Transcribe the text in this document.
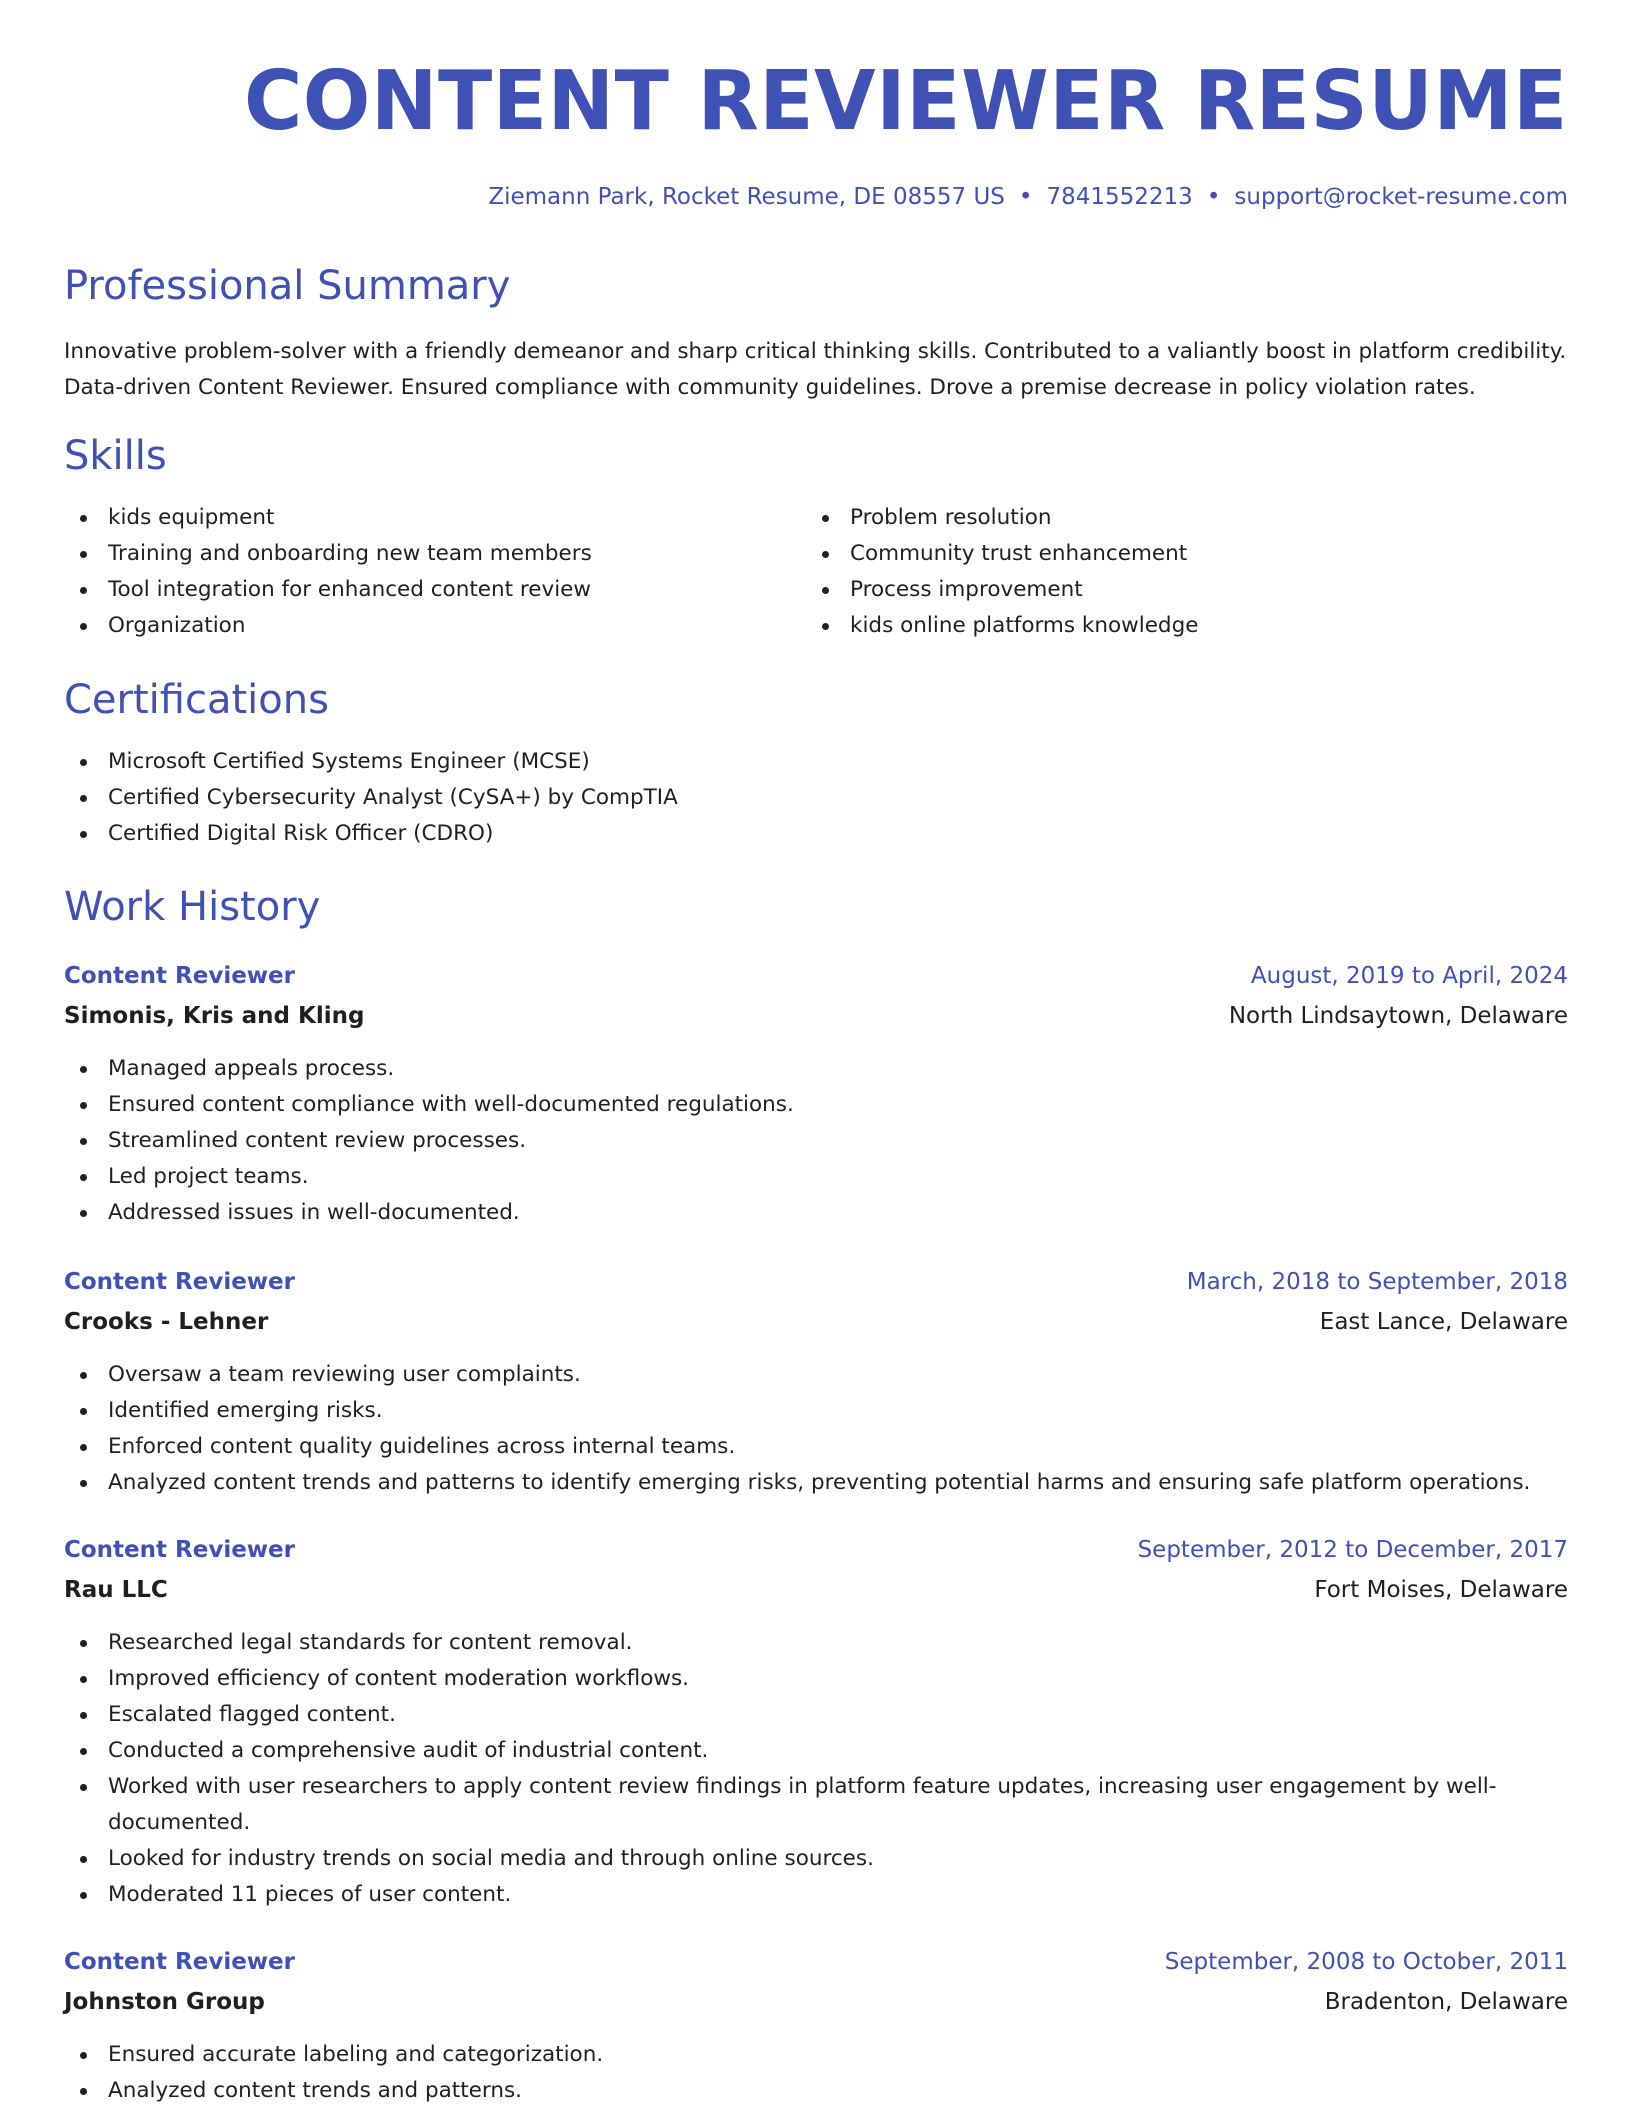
CONTENT REVIEWER RESUME
Ziemann Park, Rocket Resume, DE 08557 US • 7841552213 • support@rocket-resume.com
Professional Summary

Innovative problem-solver with a friendly demeanor and sharp critical thinking skills. Contributed to a valiantly boost in platform credibility. Data-driven Content Reviewer. Ensured compliance with community guidelines. Drove a premise decrease in policy violation rates.

Skills
kids equipment
Training and onboarding new team members
Tool integration for enhanced content review
Organization
Problem resolution
Community trust enhancement
Process improvement
kids online platforms knowledge
Certifications
Microsoft Certified Systems Engineer (MCSE)
Certified Cybersecurity Analyst (CySA+) by CompTIA
Certified Digital Risk Officer (CDRO)
Work History
Content Reviewer	August, 2019 to April, 2024
Simonis, Kris and Kling	North Lindsaytown, Delaware
Managed appeals process.
Ensured content compliance with well-documented regulations.
Streamlined content review processes.
Led project teams.
Addressed issues in well-documented.
Content Reviewer	March, 2018 to September, 2018
Crooks - Lehner	East Lance, Delaware
Oversaw a team reviewing user complaints.
Identified emerging risks.
Enforced content quality guidelines across internal teams.
Analyzed content trends and patterns to identify emerging risks, preventing potential harms and ensuring safe platform operations.
Content Reviewer	September, 2012 to December, 2017
Rau LLC	Fort Moises, Delaware
Researched legal standards for content removal.
Improved efficiency of content moderation workflows.
Escalated flagged content.
Conducted a comprehensive audit of industrial content.
Worked with user researchers to apply content review findings in platform feature updates, increasing user engagement by well-documented.
Looked for industry trends on social media and through online sources.
Moderated 11 pieces of user content.
Content Reviewer	September, 2008 to October, 2011
Johnston Group	Bradenton, Delaware
Ensured accurate labeling and categorization.
Analyzed content trends and patterns.
